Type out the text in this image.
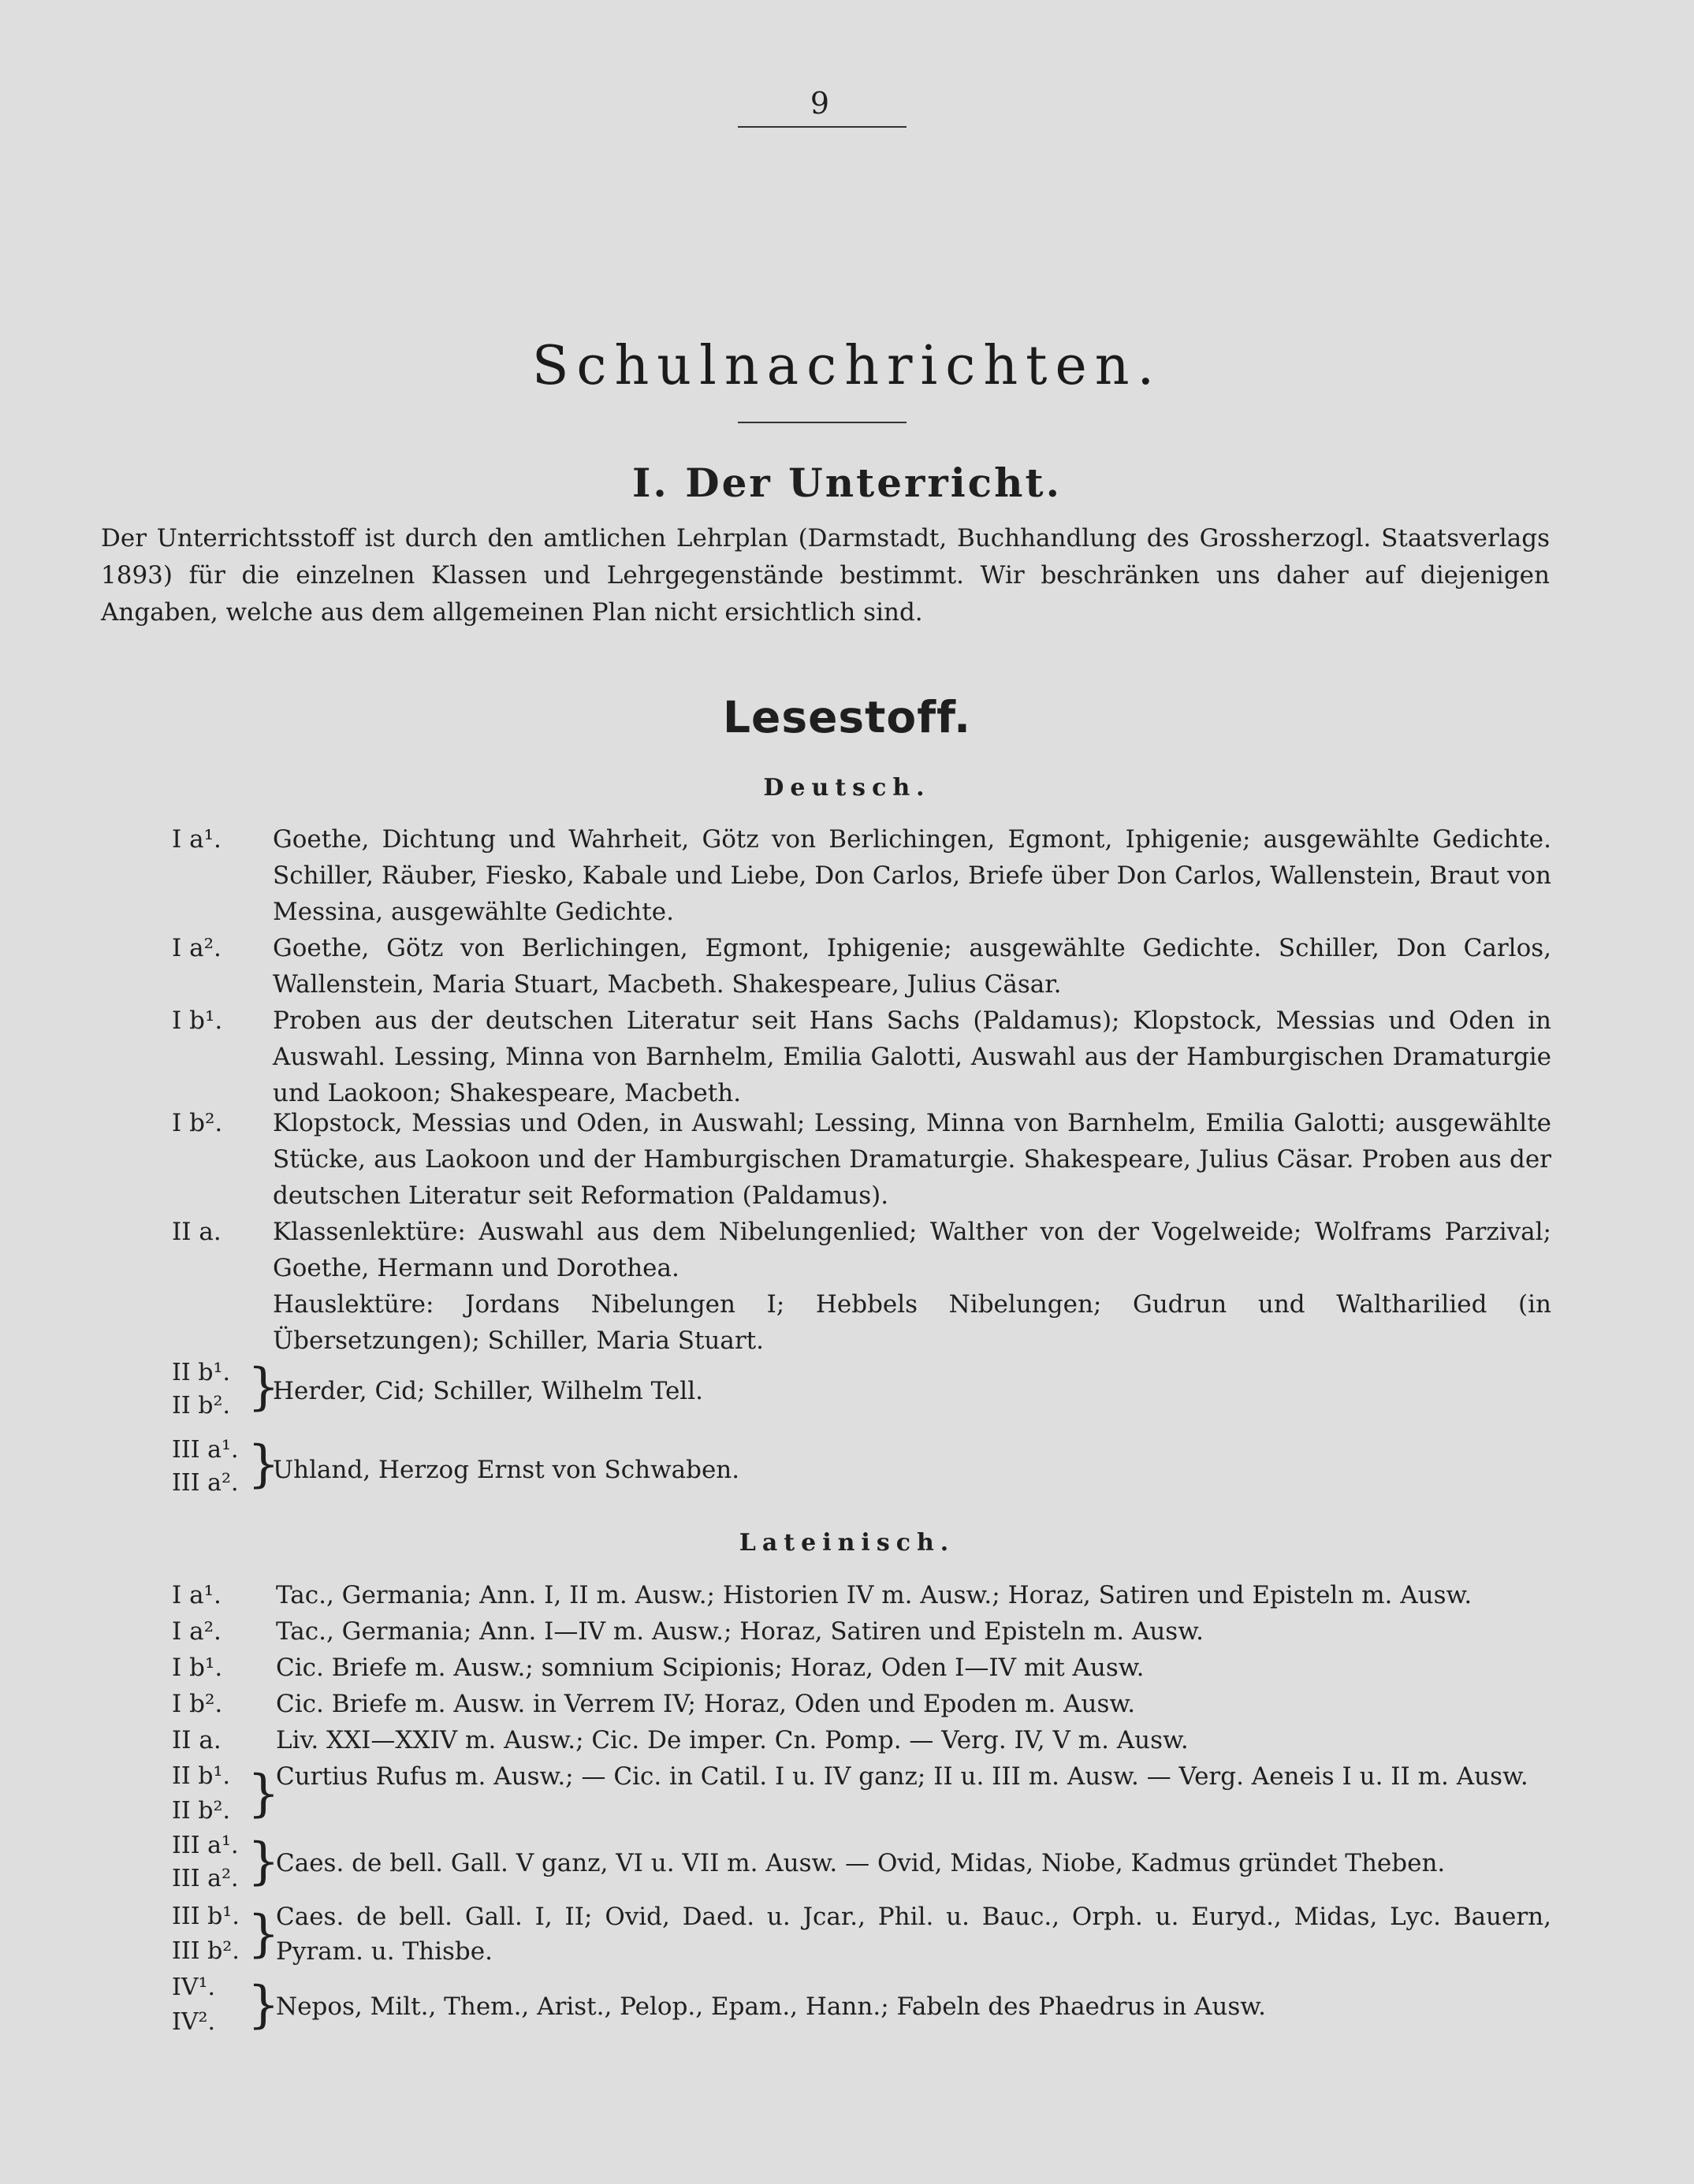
9
Schulnachrichten.
I. Der Unterricht.
Der Unterrichtsstoff ist durch den amtlichen Lehrplan (Darmstadt, Buchhandlung des Grossherzogl. Staatsverlags 1893) für die einzelnen Klassen und Lehrgegenstände bestimmt. Wir beschränken uns daher auf diejenigen Angaben, welche aus dem allgemeinen Plan nicht ersichtlich sind.
Lesestoff.
Deutsch.
I a¹. Goethe, Dichtung und Wahrheit, Götz von Berlichingen, Egmont, Iphigenie; ausgewählte Gedichte. Schiller, Räuber, Fiesko, Kabale und Liebe, Don Carlos, Briefe über Don Carlos, Wallenstein, Braut von Messina, ausgewählte Gedichte.
I a². Goethe, Götz von Berlichingen, Egmont, Iphigenie; ausgewählte Gedichte. Schiller, Don Carlos, Wallenstein, Maria Stuart, Macbeth. Shakespeare, Julius Cäsar.
I b¹. Proben aus der deutschen Literatur seit Hans Sachs (Paldamus); Klopstock, Messias und Oden in Auswahl. Lessing, Minna von Barnhelm, Emilia Galotti, Auswahl aus der Hamburgischen Dramaturgie und Laokoon; Shakespeare, Macbeth.
I b². Klopstock, Messias und Oden, in Auswahl; Lessing, Minna von Barnhelm, Emilia Galotti; ausgewählte Stücke, aus Laokoon und der Hamburgischen Dramaturgie. Shakespeare, Julius Cäsar. Proben aus der deutschen Literatur seit Reformation (Paldamus).
II a. Klassenlektüre: Auswahl aus dem Nibelungenlied; Walther von der Vogelweide; Wolframs Parzival; Goethe, Hermann und Dorothea.

Hauslektüre: Jordans Nibelungen I; Hebbels Nibelungen; Gudrun und Waltharilied (in Übersetzungen); Schiller, Maria Stuart.

II b¹.
II b². }
Herder, Cid; Schiller, Wilhelm Tell.
III a¹.
III a². }
Uhland, Herzog Ernst von Schwaben.
Lateinisch.
I a¹. Tac., Germania; Ann. I, II m. Ausw.; Historien IV m. Ausw.; Horaz, Satiren und Episteln m. Ausw.
I a². Tac., Germania; Ann. I—IV m. Ausw.; Horaz, Satiren und Episteln m. Ausw.
I b¹. Cic. Briefe m. Ausw.; somnium Scipionis; Horaz, Oden I—IV mit Ausw.
I b². Cic. Briefe m. Ausw. in Verrem IV; Horaz, Oden und Epoden m. Ausw.
II a. Liv. XXI—XXIV m. Ausw.; Cic. De imper. Cn. Pomp. — Verg. IV, V m. Ausw.
II b¹.
II b². }
Curtius Rufus m. Ausw.; — Cic. in Catil. I u. IV ganz; II u. III m. Ausw. — Verg. Aeneis I u. II m. Ausw.
III a¹.
III a². }
Caes. de bell. Gall. V ganz, VI u. VII m. Ausw. — Ovid, Midas, Niobe, Kadmus gründet Theben.
III b¹.
III b². }
Caes. de bell. Gall. I, II; Ovid, Daed. u. Jcar., Phil. u. Bauc., Orph. u. Euryd., Midas, Lyc. Bauern, Pyram. u. Thisbe.
IV¹.
IV². }
Nepos, Milt., Them., Arist., Pelop., Epam., Hann.; Fabeln des Phaedrus in Ausw.
